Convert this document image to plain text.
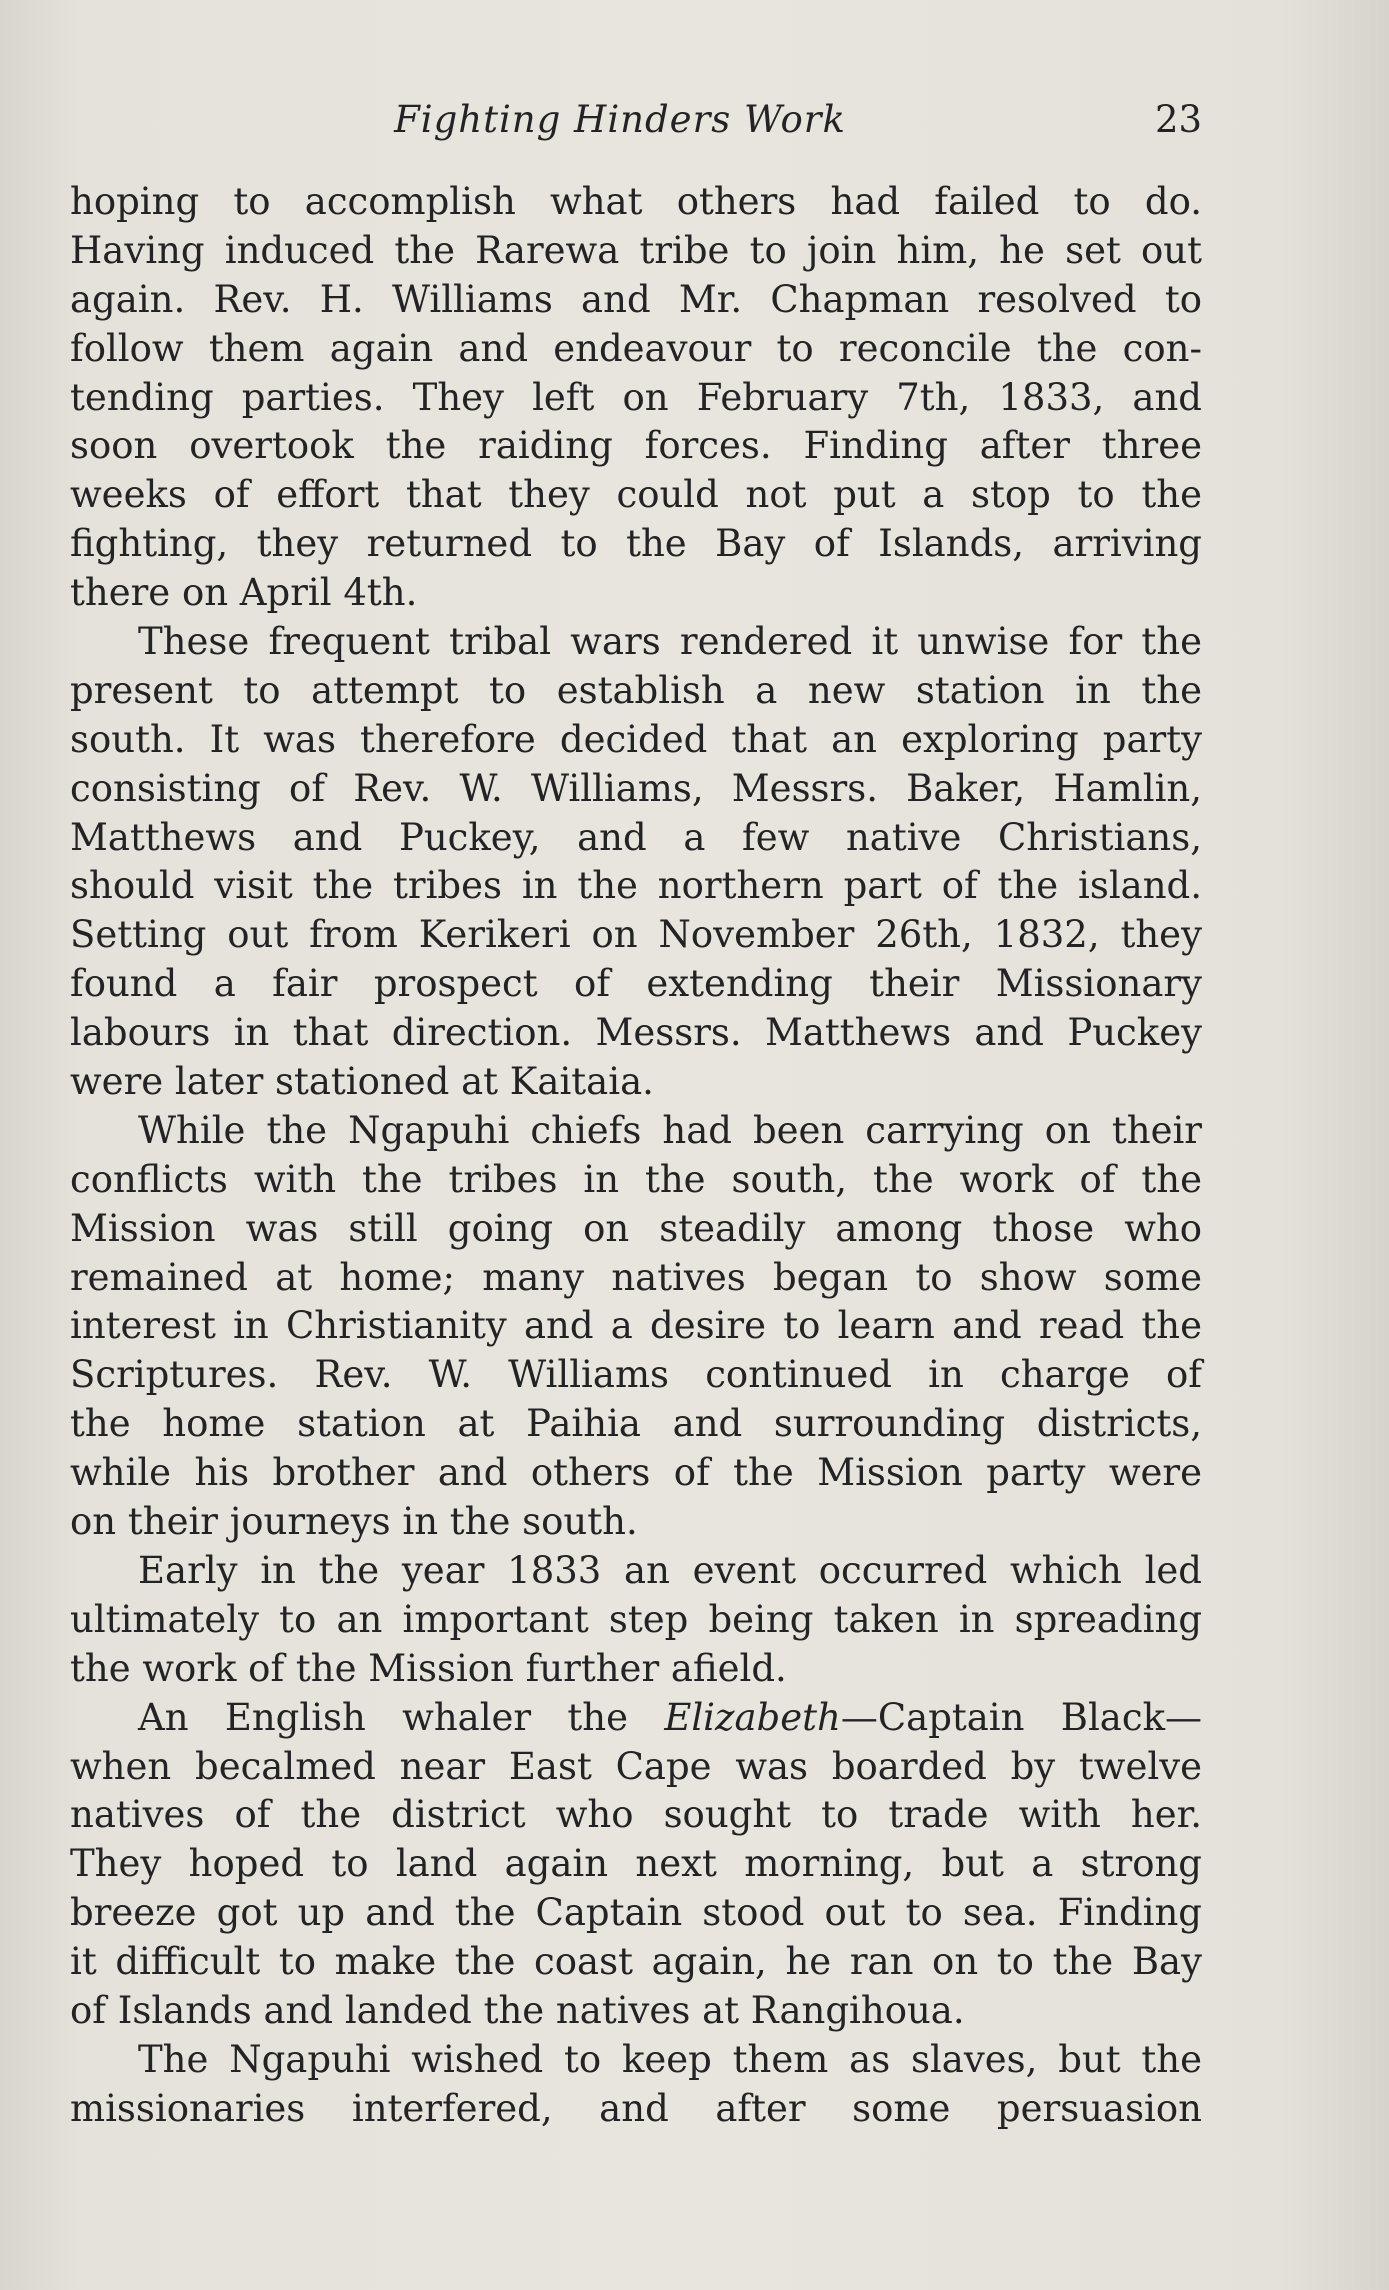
Fighting Hinders Work	23
hoping to accomplish what others had failed to do.
Having induced the Rarewa tribe to join him, he set out
again. Rev. H. Williams and Mr. Chapman resolved to
follow them again and endeavour to reconcile the con-
tending parties. They left on February 7th, 1833, and
soon overtook the raiding forces. Finding after three
weeks of effort that they could not put a stop to the
fighting, they returned to the Bay of Islands, arriving
there on April 4th.
These frequent tribal wars rendered it unwise for the
present to attempt to establish a new station in the
south. It was therefore decided that an exploring party
consisting of Rev. W. Williams, Messrs. Baker, Hamlin,
Matthews and Puckey, and a few native Christians,
should visit the tribes in the northern part of the island.
Setting out from Kerikeri on November 26th, 1832, they
found a fair prospect of extending their Missionary
labours in that direction. Messrs. Matthews and Puckey
were later stationed at Kaitaia.
While the Ngapuhi chiefs had been carrying on their
conflicts with the tribes in the south, the work of the
Mission was still going on steadily among those who
remained at home; many natives began to show some
interest in Christianity and a desire to learn and read the
Scriptures. Rev. W. Williams continued in charge of
the home station at Paihia and surrounding districts,
while his brother and others of the Mission party were
on their journeys in the south.
Early in the year 1833 an event occurred which led
ultimately to an important step being taken in spreading
the work of the Mission further afield.
An English whaler the Elizabeth—Captain Black—
when becalmed near East Cape was boarded by twelve
natives of the district who sought to trade with her.
They hoped to land again next morning, but a strong
breeze got up and the Captain stood out to sea. Finding
it difficult to make the coast again, he ran on to the Bay
of Islands and landed the natives at Rangihoua.
The Ngapuhi wished to keep them as slaves, but the
missionaries interfered, and after some persuasion
